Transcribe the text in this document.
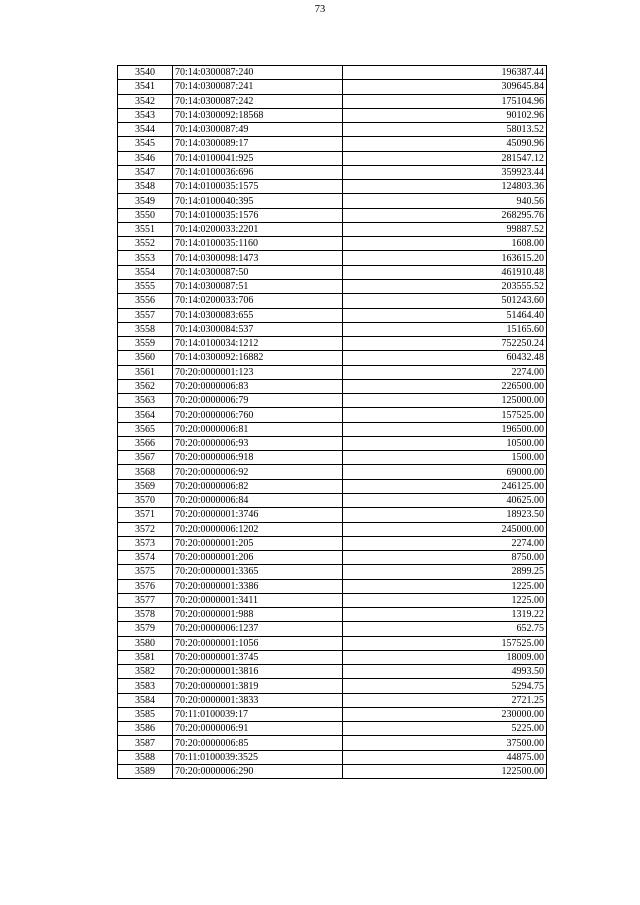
73
3540	70:14:0300087:240	196387.44
3541	70:14:0300087:241	309645.84
3542	70:14:0300087:242	175104.96
3543	70:14:0300092:18568	90102.96
3544	70:14:0300087:49	58013.52
3545	70:14:0300089:17	45090.96
3546	70:14:0100041:925	281547.12
3547	70:14:0100036:696	359923.44
3548	70:14:0100035:1575	124803.36
3549	70:14:0100040:395	940.56
3550	70:14:0100035:1576	268295.76
3551	70:14:0200033:2201	99887.52
3552	70:14:0100035:1160	1608.00
3553	70:14:0300098:1473	163615.20
3554	70:14:0300087:50	461910.48
3555	70:14:0300087:51	203555.52
3556	70:14:0200033:706	501243.60
3557	70:14:0300083:655	51464.40
3558	70:14:0300084:537	15165.60
3559	70:14:0100034:1212	752250.24
3560	70:14:0300092:16882	60432.48
3561	70:20:0000001:123	2274.00
3562	70:20:0000006:83	226500.00
3563	70:20:0000006:79	125000.00
3564	70:20:0000006:760	157525.00
3565	70:20:0000006:81	196500.00
3566	70:20:0000006:93	10500.00
3567	70:20:0000006:918	1500.00
3568	70:20:0000006:92	69000.00
3569	70:20:0000006:82	246125.00
3570	70:20:0000006:84	40625.00
3571	70:20:0000001:3746	18923.50
3572	70:20:0000006:1202	245000.00
3573	70:20:0000001:205	2274.00
3574	70:20:0000001:206	8750.00
3575	70:20:0000001:3365	2899.25
3576	70:20:0000001:3386	1225.00
3577	70:20:0000001:3411	1225.00
3578	70:20:0000001:988	1319.22
3579	70:20:0000006:1237	652.75
3580	70:20:0000001:1056	157525.00
3581	70:20:0000001:3745	18009.00
3582	70:20:0000001:3816	4993.50
3583	70:20:0000001:3819	5294.75
3584	70:20:0000001:3833	2721.25
3585	70:11:0100039:17	230000.00
3586	70:20:0000006:91	5225.00
3587	70:20:0000006:85	37500.00
3588	70:11:0100039:3525	44875.00
3589	70:20:0000006:290	122500.00
